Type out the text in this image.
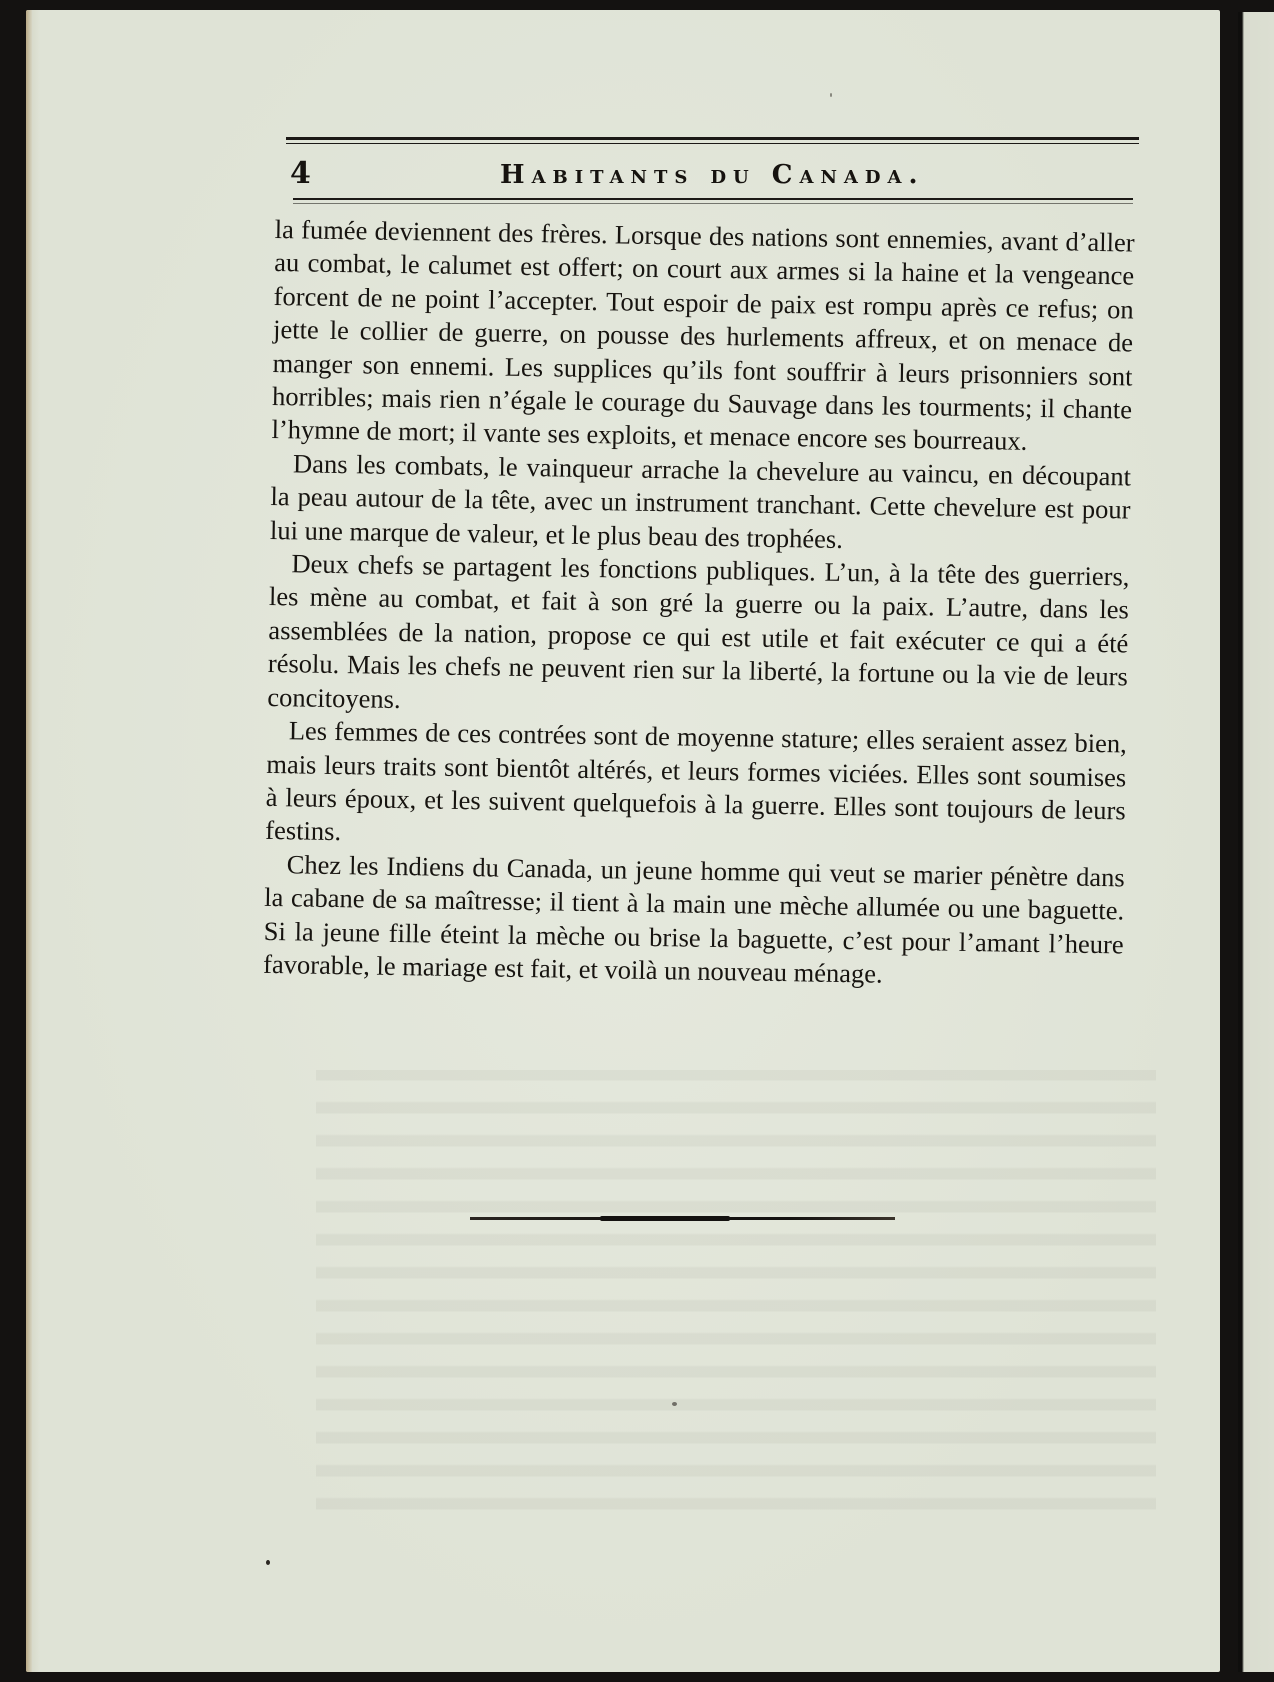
4	Habitants du Canada.

la fumée deviennent des frères. Lorsque des nations sont ennemies, avant d’aller au combat, le calumet est offert; on court aux armes si la haine et la vengeance forcent de ne point l’accepter. Tout espoir de paix est rompu après ce refus; on jette le collier de guerre, on pousse des hurlements affreux, et on menace de manger son ennemi. Les supplices qu’ils font souffrir à leurs prisonniers sont horribles; mais rien n’égale le courage du Sauvage dans les tourments; il chante l’hymne de mort; il vante ses exploits, et menace encore ses bourreaux.

Dans les combats, le vainqueur arrache la chevelure au vaincu, en découpant la peau autour de la tête, avec un instrument tranchant. Cette chevelure est pour lui une marque de valeur, et le plus beau des trophées.

Deux chefs se partagent les fonctions publiques. L’un, à la tête des guerriers, les mène au combat, et fait à son gré la guerre ou la paix. L’autre, dans les assemblées de la nation, propose ce qui est utile et fait exécuter ce qui a été résolu. Mais les chefs ne peuvent rien sur la liberté, la fortune ou la vie de leurs concitoyens.

Les femmes de ces contrées sont de moyenne stature; elles seraient assez bien, mais leurs traits sont bientôt altérés, et leurs formes viciées. Elles sont soumises à leurs époux, et les suivent quelquefois à la guerre. Elles sont toujours de leurs festins.

Chez les Indiens du Canada, un jeune homme qui veut se marier pénètre dans la cabane de sa maîtresse; il tient à la main une mèche allumée ou une baguette. Si la jeune fille éteint la mèche ou brise la baguette, c’est pour l’amant l’heure favorable, le mariage est fait, et voilà un nouveau ménage.
